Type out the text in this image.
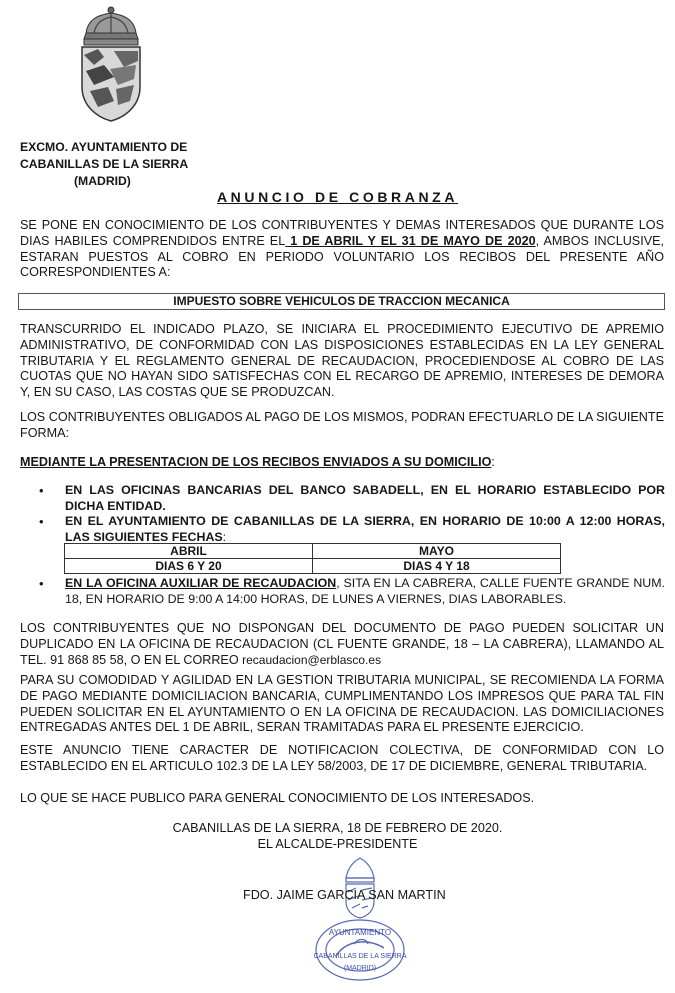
EXCMO. AYUNTAMIENTO DE
CABANILLAS DE LA SIERRA
(MADRID)
ANUNCIO DE COBRANZA
SE PONE EN CONOCIMIENTO DE LOS CONTRIBUYENTES Y DEMAS INTERESADOS QUE DURANTE LOS DIAS HABILES COMPRENDIDOS ENTRE EL 1 DE ABRIL Y EL 31 DE MAYO DE 2020, AMBOS INCLUSIVE, ESTARAN PUESTOS AL COBRO EN PERIODO VOLUNTARIO LOS RECIBOS DEL PRESENTE AÑO CORRESPONDIENTES A:
IMPUESTO SOBRE VEHICULOS DE TRACCION MECANICA
TRANSCURRIDO EL INDICADO PLAZO, SE INICIARA EL PROCEDIMIENTO EJECUTIVO DE APREMIO ADMINISTRATIVO, DE CONFORMIDAD CON LAS DISPOSICIONES ESTABLECIDAS EN LA LEY GENERAL TRIBUTARIA Y EL REGLAMENTO GENERAL DE RECAUDACION, PROCEDIENDOSE AL COBRO DE LAS CUOTAS QUE NO HAYAN SIDO SATISFECHAS CON EL RECARGO DE APREMIO, INTERESES DE DEMORA Y, EN SU CASO, LAS COSTAS QUE SE PRODUZCAN.
LOS CONTRIBUYENTES OBLIGADOS AL PAGO DE LOS MISMOS, PODRAN EFECTUARLO DE LA SIGUIENTE FORMA:
MEDIANTE LA PRESENTACION DE LOS RECIBOS ENVIADOS A SU DOMICILIO:
• EN LAS OFICINAS BANCARIAS DEL BANCO SABADELL, EN EL HORARIO ESTABLECIDO POR DICHA ENTIDAD.
• EN EL AYUNTAMIENTO DE CABANILLAS DE LA SIERRA, EN HORARIO DE 10:00 A 12:00 HORAS, LAS SIGUIENTES FECHAS:
ABRIL	MAYO
DIAS 6 Y 20	DIAS 4 Y 18
• EN LA OFICINA AUXILIAR DE RECAUDACION, SITA EN LA CABRERA, CALLE FUENTE GRANDE NUM. 18, EN HORARIO DE 9:00 A 14:00 HORAS, DE LUNES A VIERNES, DIAS LABORABLES.
LOS CONTRIBUYENTES QUE NO DISPONGAN DEL DOCUMENTO DE PAGO PUEDEN SOLICITAR UN DUPLICADO EN LA OFICINA DE RECAUDACION (CL FUENTE GRANDE, 18 – LA CABRERA), LLAMANDO AL TEL. 91 868 85 58, O EN EL CORREO recaudacion@erblasco.es
PARA SU COMODIDAD Y AGILIDAD EN LA GESTION TRIBUTARIA MUNICIPAL, SE RECOMIENDA LA FORMA DE PAGO MEDIANTE DOMICILIACION BANCARIA, CUMPLIMENTANDO LOS IMPRESOS QUE PARA TAL FIN PUEDEN SOLICITAR EN EL AYUNTAMIENTO O EN LA OFICINA DE RECAUDACION. LAS DOMICILIACIONES ENTREGADAS ANTES DEL 1 DE ABRIL, SERAN TRAMITADAS PARA EL PRESENTE EJERCICIO.
ESTE ANUNCIO TIENE CARACTER DE NOTIFICACION COLECTIVA, DE CONFORMIDAD CON LO ESTABLECIDO EN EL ARTICULO 102.3 DE LA LEY 58/2003, DE 17 DE DICIEMBRE, GENERAL TRIBUTARIA.
LO QUE SE HACE PUBLICO PARA GENERAL CONOCIMIENTO DE LOS INTERESADOS.
CABANILLAS DE LA SIERRA, 18 DE FEBRERO DE 2020.
EL ALCALDE-PRESIDENTE
AYUNTAMIENTO
CABANILLAS DE LA SIERRA
(MADRID)
FDO. JAIME GARCIA SAN MARTIN
